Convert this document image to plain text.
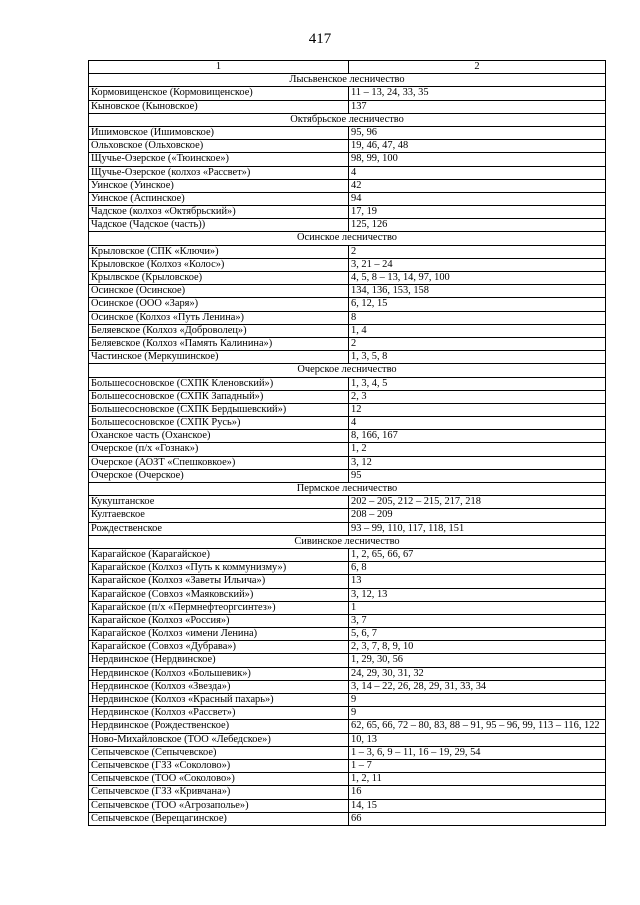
417
1	2
Лысьвенское лесничество	
Кормовищенское (Кормовищенское)	11 – 13, 24, 33, 35
Кыновское (Кыновское)	137
Октябрьское лесничество	
Ишимовское (Ишимовское)	95, 96
Ольховское (Ольховское)	19, 46, 47, 48
Щучье-Озерское («Тюинское»)	98, 99, 100
Щучье-Озерское (колхоз «Рассвет»)	4
Уинское (Уинское)	42
Уинское (Аспинское)	94
Чадское (колхоз «Октябрьский»)	17, 19
Чадское (Чадское (часть))	125, 126
Осинское лесничество	
Крыловское (СПК «Ключи»)	2
Крыловское (Колхоз «Колос»)	3, 21 – 24
Крылвское (Крыловское)	4, 5, 8 – 13, 14, 97, 100
Осинское (Осинское)	134, 136, 153, 158
Осинское (ООО «Заря»)	6, 12, 15
Осинское (Колхоз «Путь Ленина»)	8
Беляевское (Колхоз «Доброволец»)	1, 4
Беляевское (Колхоз «Память Калинина»)	2
Частинское (Меркушинское)	1, 3, 5, 8
Очерское лесничество	
Большесосновское (СХПК Кленовский»)	1, 3, 4, 5
Большесосновское (СХПК Западный»)	2, 3
Большесосновское (СХПК Бердышевский»)	12
Большесосновское (СХПК Русь»)	4
Оханское часть (Оханское)	8, 166, 167
Очерское (п/х «Гознак»)	1, 2
Очерское (АОЗТ «Спешковкое»)	3, 12
Очерское (Очерское)	95
Пермское лесничество	
Кукуштанское	202 – 205, 212 – 215, 217, 218
Култаевское	208 – 209
Рождественское	93 – 99, 110, 117, 118, 151
Сивинское лесничество	
Карагайское (Карагайское)	1, 2, 65, 66, 67
Карагайское (Колхоз «Путь к коммунизму»)	6, 8
Карагайское (Колхоз «Заветы Ильича»)	13
Карагайское (Совхоз «Маяковский»)	3, 12, 13
Карагайское (п/х «Пермнефтеоргсинтез»)	1
Карагайское (Колхоз «Россия»)	3, 7
Карагайское (Колхоз «имени Ленина)	5, 6, 7
Карагайское (Совхоз «Дубрава»)	2, 3, 7, 8, 9, 10
Нердвинское (Нердвинское)	1, 29, 30, 56
Нердвинское (Колхоз «Большевик»)	24, 29, 30, 31, 32
Нердвинское (Колхоз «Звезда»)	3, 14 – 22, 26, 28, 29, 31, 33, 34
Нердвинское (Колхоз «Красный пахарь»)	9
Нердвинское (Колхоз «Рассвет»)	9
Нердвинское (Рождественское)	62, 65, 66, 72 – 80, 83, 88 – 91, 95 – 96, 99, 113 – 116, 122
Ново-Михайловское (ТОО «Лебедское»)	10, 13
Сепычевское (Сепычевское)	1 – 3, 6, 9 – 11, 16 – 19, 29, 54
Сепычевское (ГЗЗ «Соколово»)	1 – 7
Сепычевское (ТОО «Соколово»)	1, 2, 11
Сепычевское (ГЗЗ «Кривчана»)	16
Сепычевское (ТОО «Агрозаполье»)	14, 15
Сепычевское (Верещагинское)	66
